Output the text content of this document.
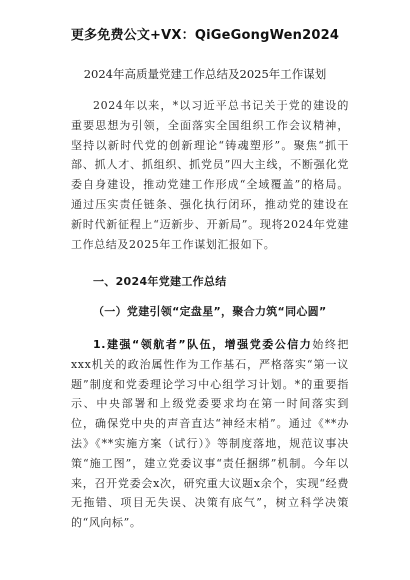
更多免费公文+VX：QiGeGongWen2024
2024年高质量党建工作总结及2025年工作谋划
2024年以来，*以习近平总书记关于党的建设的重要思想为引领，全面落实全国组织工作会议精神，坚持以新时代党的创新理论“铸魂塑形”。聚焦“抓干部、抓人才、抓组织、抓党员”四大主线，不断强化党委自身建设，推动党建工作形成“全域覆盖”的格局。通过压实责任链条、强化执行闭环，推动党的建设在新时代新征程上“迈新步、开新局”。现将2024年党建工作总结及2025年工作谋划汇报如下。
一、2024年党建工作总结
（一）党建引领“定盘星”，聚合力筑“同心圆”
1.建强“领航者”队伍，增强党委公信力始终把xxx机关的政治属性作为工作基石，严格落实“第一议题”制度和党委理论学习中心组学习计划。*的重要指示、中央部署和上级党委要求均在第一时间落实到位，确保党中央的声音直达“神经末梢”。通过《**办法》《**实施方案（试行）》等制度落地，规范议事决策“施工图”，建立党委议事“责任捆绑”机制。今年以来，召开党委会x次，研究重大议题x余个，实现“经费无拖错、项目无失误、决策有底气”，树立科学决策的“风向标”。
